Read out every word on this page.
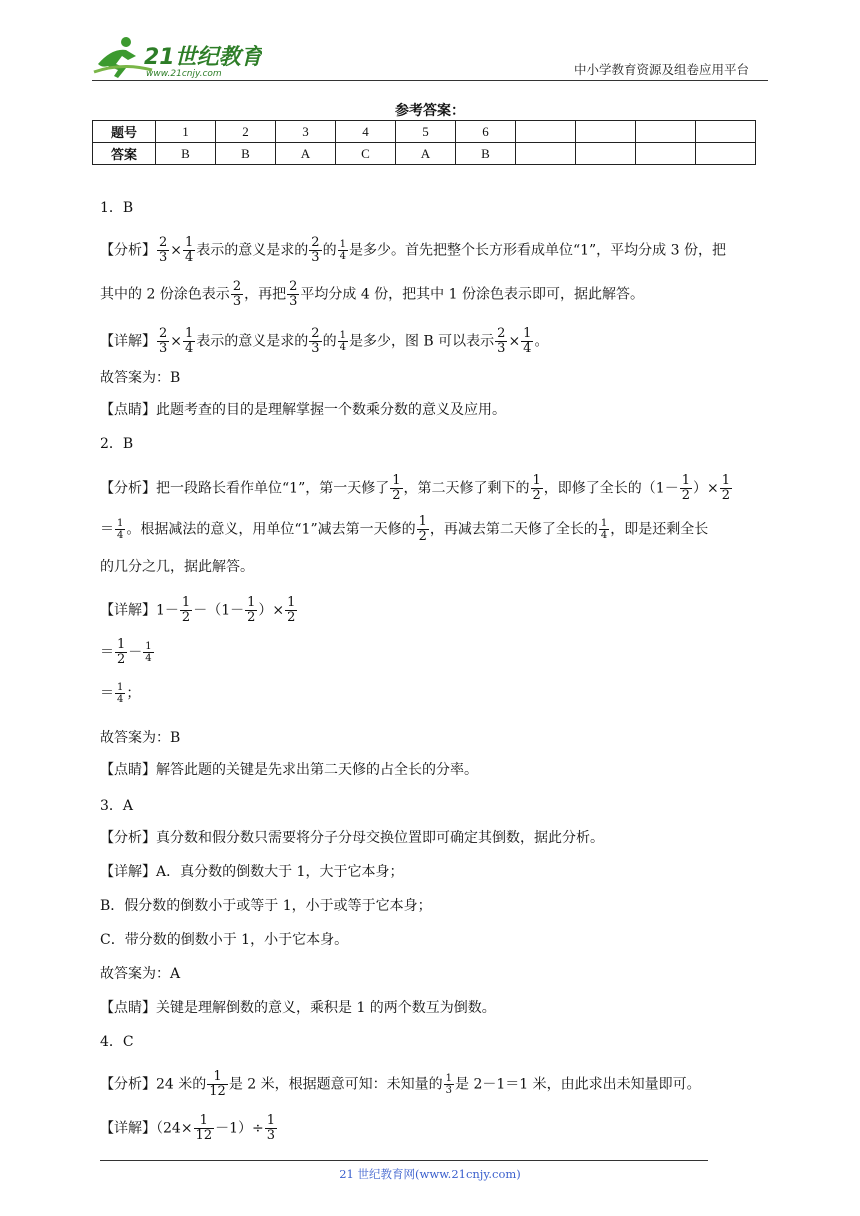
21世纪教育
www.21cnjy.com	中小学教育资源及组卷应用平台
参考答案：
题号	1	2	3	4	5	6				
答案	B	B	A	C	A	B				
1．B
【分析】 $\frac{2}{3} \times \frac{1}{4}$ 表示的意义是求的 $\frac{2}{3}$ 的 $\frac{1}{4}$ 是多少。首先把整个长方形看成单位“1”，平均分成 3 份，把
其中的 2 份涂色表示 $\frac{2}{3}$ ，再把 $\frac{2}{3}$ 平均分成 4 份，把其中 1 份涂色表示即可，据此解答。
【详解】 $\frac{2}{3} \times \frac{1}{4}$ 表示的意义是求的 $\frac{2}{3}$ 的 $\frac{1}{4}$ 是多少，图 B 可以表示 $\frac{2}{3} \times \frac{1}{4}$ 。
故答案为：B
【点睛】此题考查的目的是理解掌握一个数乘分数的意义及应用。
2．B
【分析】把一段路长看作单位“1”，第一天修了 $\frac{1}{2}$ ，第二天修了剩下的 $\frac{1}{2}$ ，即修了全长的（$1- \frac{1}{2}$ ）× $\frac{1}{2}$
＝ $\frac{1}{4}$ 。根据减法的意义，用单位“1”减去第一天修的 $\frac{1}{2}$ ，再减去第二天修了全长的 $\frac{1}{4}$ ，即是还剩全长
的几分之几，据此解答。
【详解】$1- \frac{1}{2} -(1- \frac{1}{2}$ ）× $\frac{1}{2}$
＝ $\frac{1}{2} - \frac{1}{4}$
＝ $\frac{1}{4}$ ；
故答案为：B
【点睛】解答此题的关键是先求出第二天修的占全长的分率。
3．A
【分析】真分数和假分数只需要将分子分母交换位置即可确定其倒数，据此分析。
【详解】A．真分数的倒数大于 1，大于它本身；
B．假分数的倒数小于或等于 1，小于或等于它本身；
C．带分数的倒数小于 1，小于它本身。
故答案为：A
【点睛】关键是理解倒数的意义，乘积是 1 的两个数互为倒数。
4．C
【分析】24 米的 $\frac{1}{12}$ 是 2 米，根据题意可知：未知量的 $\frac{1}{3}$ 是 2－1＝1 米，由此求出未知量即可。
【详解】$(24\times \frac{1}{12} -1)\div \frac{1}{3}$
21 世纪教育网(www.21cnjy.com)
